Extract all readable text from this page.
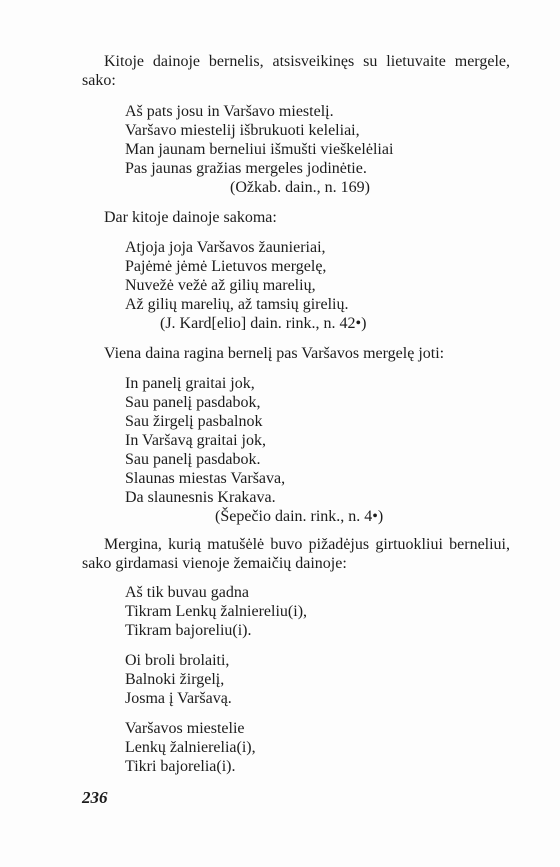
Kitoje dainoje bernelis, atsisveikinęs su lietuvaite mergele, sako:

Aš pats josu in Varšavo miestelį.

Varšavo miestelij išbrukuoti keleliai,

Man jaunam berneliui išmušti vieškelėliai

Pas jaunas gražias mergeles jodinėtie.

(Ožkab. dain., n. 169)

Dar kitoje dainoje sakoma:

Atjoja joja Varšavos žaunieriai,

Pajėmė jėmė Lietuvos mergelę,

Nuvežė vežė až gilių marelių,

Až gilių marelių, až tamsių girelių.

(J. Kard[elio] dain. rink., n. 42•)

Viena daina ragina bernelį pas Varšavos mergelę joti:

In panelį graitai jok,

Sau panelį pasdabok,

Sau žirgelį pasbalnok

In Varšavą graitai jok,

Sau panelį pasdabok.

Slaunas miestas Varšava,

Da slaunesnis Krakava.

(Šepečio dain. rink., n. 4•)

Mergina, kurią matušėlė buvo pižadėjus girtuokliui berneliui, sako girdamasi vienoje žemaičių dainoje:

Aš tik buvau gadna

Tikram Lenkų žalniereliu(i),

Tikram bajoreliu(i).

Oi broli brolaiti,

Balnoki žirgelį,

Josma į Varšavą.

Varšavos miestelie

Lenkų žalnierelia(i),

Tikri bajorelia(i).

236
